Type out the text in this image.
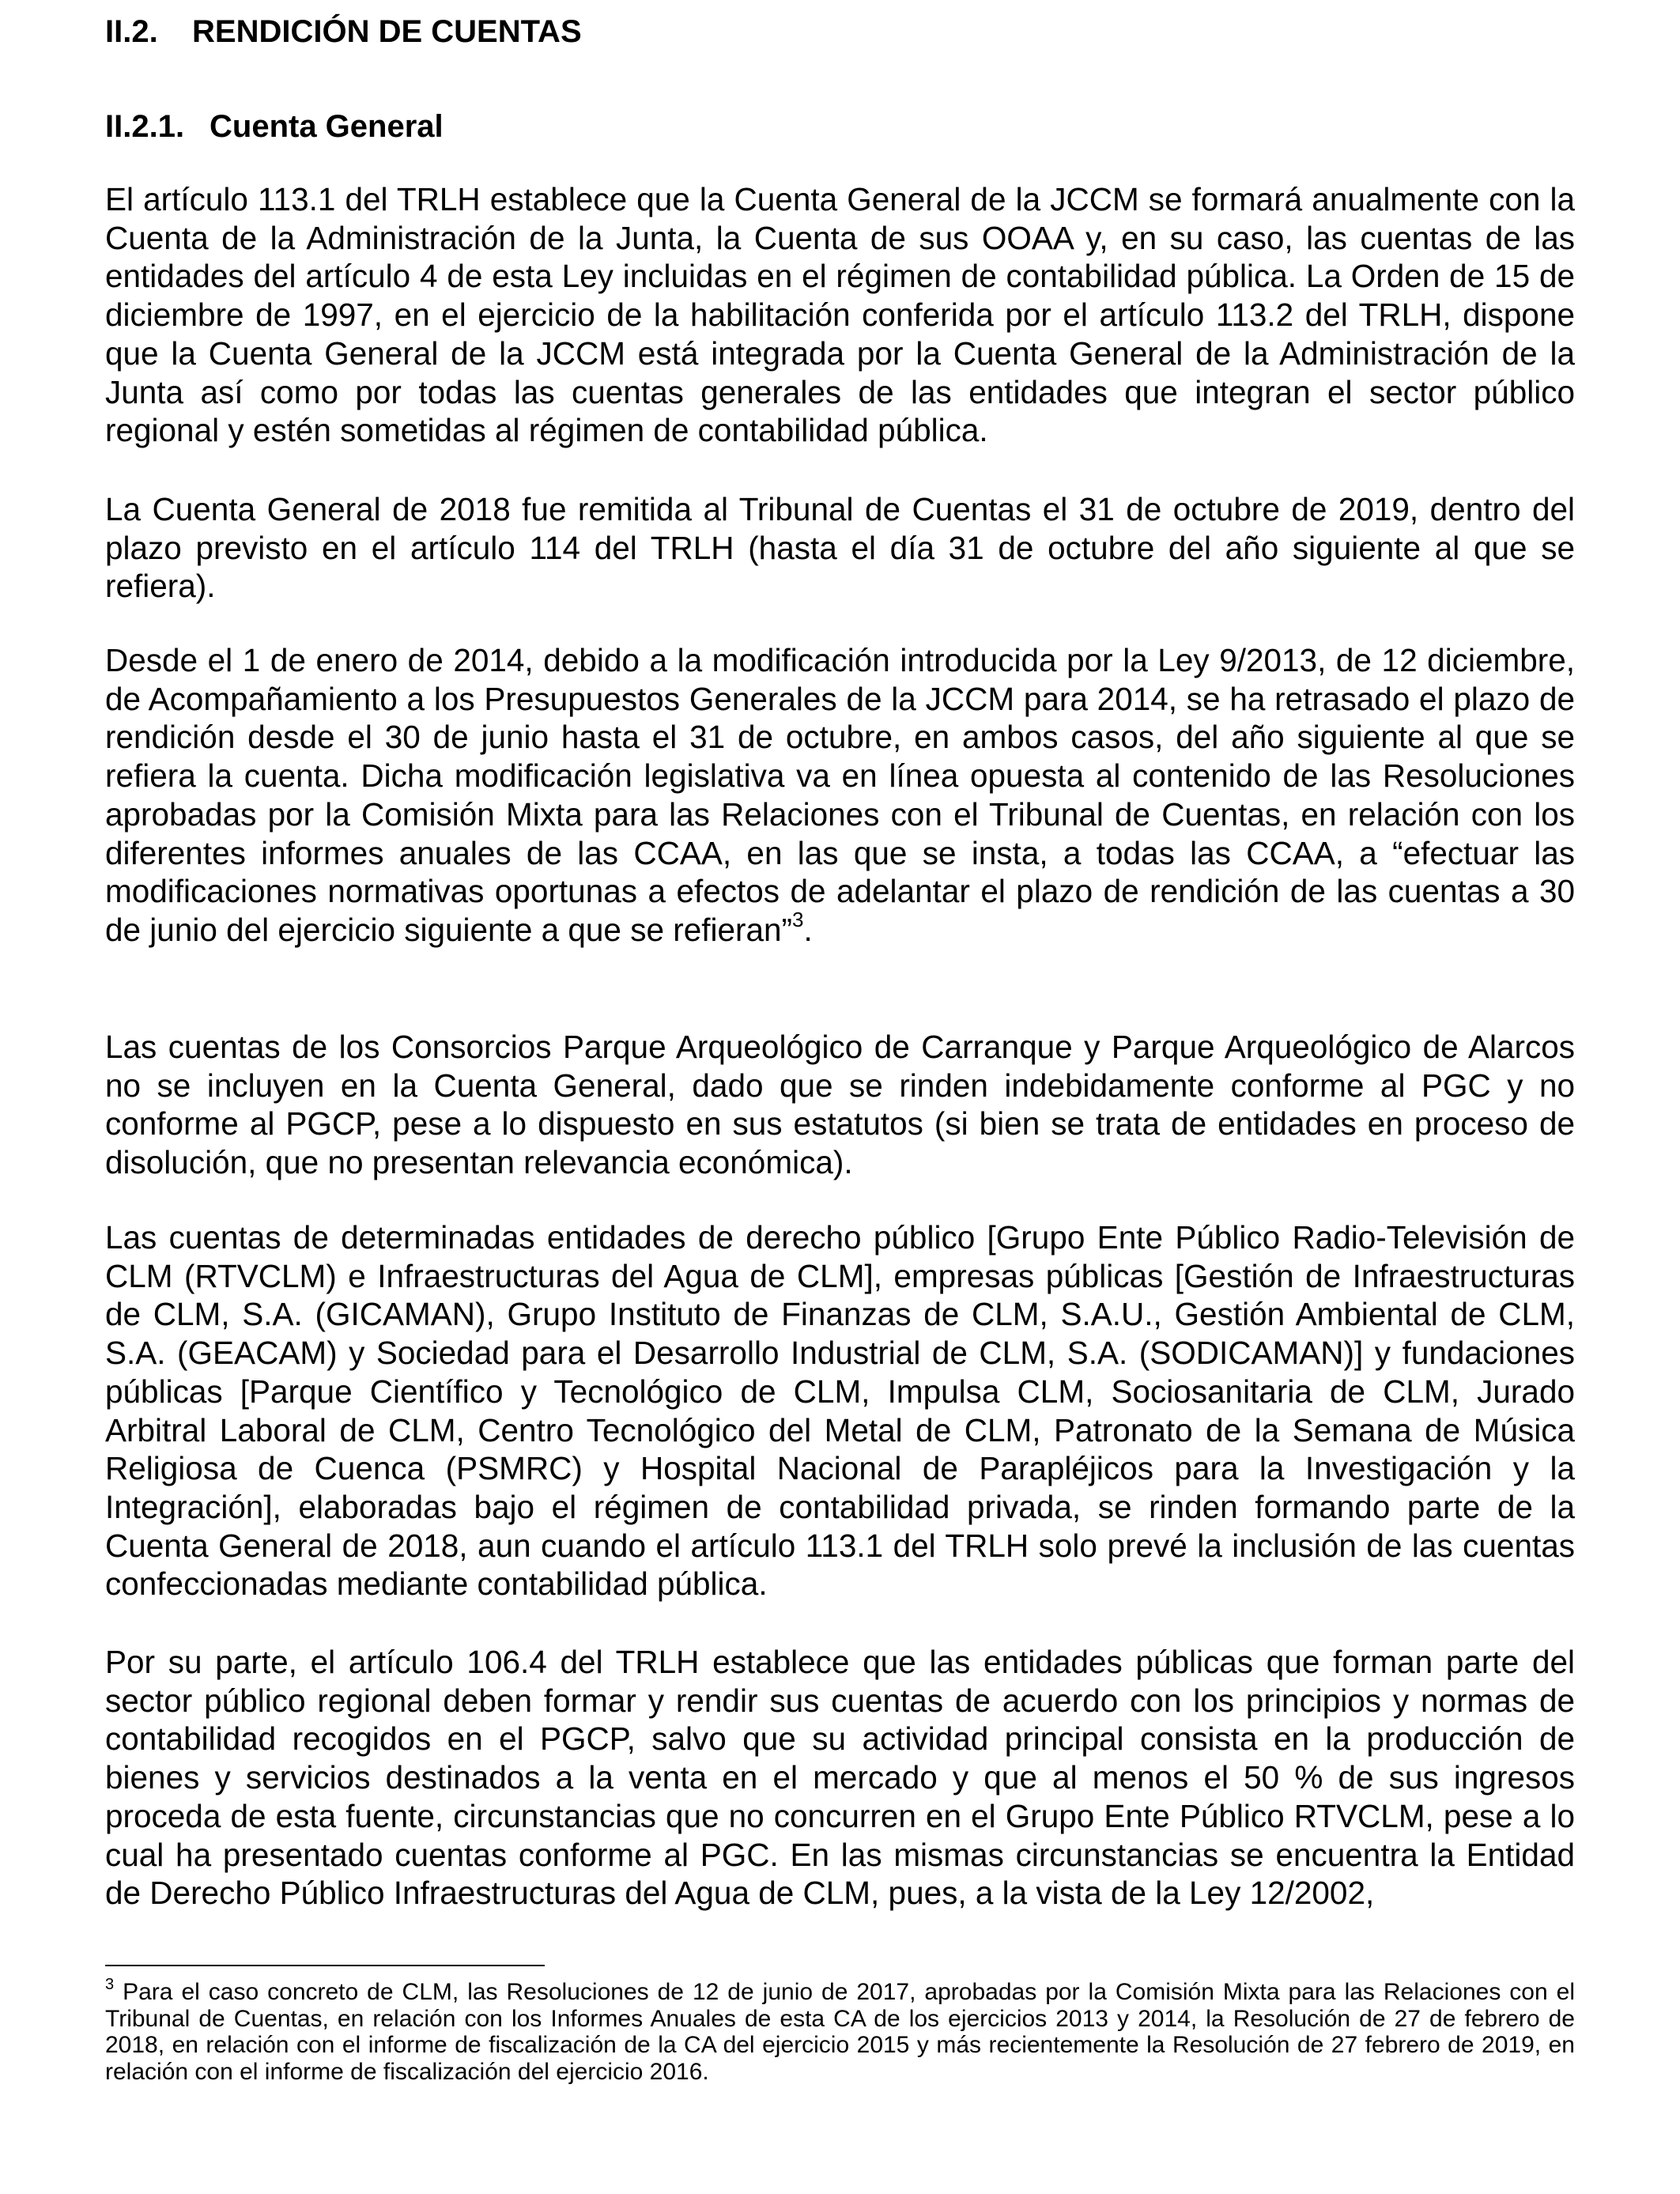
II.2. RENDICIÓN DE CUENTAS
II.2.1. Cuenta General

El artículo 113.1 del TRLH establece que la Cuenta General de la JCCM se formará anualmente con la Cuenta de la Administración de la Junta, la Cuenta de sus OOAA y, en su caso, las cuentas de las entidades del artículo 4 de esta Ley incluidas en el régimen de contabilidad pública. La Orden de 15 de diciembre de 1997, en el ejercicio de la habilitación conferida por el artículo 113.2 del TRLH, dispone que la Cuenta General de la JCCM está integrada por la Cuenta General de la Administración de la Junta así como por todas las cuentas generales de las entidades que integran el sector público regional y estén sometidas al régimen de contabilidad pública.

La Cuenta General de 2018 fue remitida al Tribunal de Cuentas el 31 de octubre de 2019, dentro del plazo previsto en el artículo 114 del TRLH (hasta el día 31 de octubre del año siguiente al que se refiera).

Desde el 1 de enero de 2014, debido a la modificación introducida por la Ley 9/2013, de 12 diciembre, de Acompañamiento a los Presupuestos Generales de la JCCM para 2014, se ha retrasado el plazo de rendición desde el 30 de junio hasta el 31 de octubre, en ambos casos, del año siguiente al que se refiera la cuenta. Dicha modificación legislativa va en línea opuesta al contenido de las Resoluciones aprobadas por la Comisión Mixta para las Relaciones con el Tribunal de Cuentas, en relación con los diferentes informes anuales de las CCAA, en las que se insta, a todas las CCAA, a “efectuar las modificaciones normativas oportunas a efectos de adelantar el plazo de rendición de las cuentas a 30 de junio del ejercicio siguiente a que se refieran”$^3$.

Las cuentas de los Consorcios Parque Arqueológico de Carranque y Parque Arqueológico de Alarcos no se incluyen en la Cuenta General, dado que se rinden indebidamente conforme al PGC y no conforme al PGCP, pese a lo dispuesto en sus estatutos (si bien se trata de entidades en proceso de disolución, que no presentan relevancia económica).

Las cuentas de determinadas entidades de derecho público [Grupo Ente Público Radio-Televisión de CLM (RTVCLM) e Infraestructuras del Agua de CLM], empresas públicas [Gestión de Infraestructuras de CLM, S.A. (GICAMAN), Grupo Instituto de Finanzas de CLM, S.A.U., Gestión Ambiental de CLM, S.A. (GEACAM) y Sociedad para el Desarrollo Industrial de CLM, S.A. (SODICAMAN)] y fundaciones públicas [Parque Científico y Tecnológico de CLM, Impulsa CLM, Sociosanitaria de CLM, Jurado Arbitral Laboral de CLM, Centro Tecnológico del Metal de CLM, Patronato de la Semana de Música Religiosa de Cuenca (PSMRC) y Hospital Nacional de Parapléjicos para la Investigación y la Integración], elaboradas bajo el régimen de contabilidad privada, se rinden formando parte de la Cuenta General de 2018, aun cuando el artículo 113.1 del TRLH solo prevé la inclusión de las cuentas confeccionadas mediante contabilidad pública.

Por su parte, el artículo 106.4 del TRLH establece que las entidades públicas que forman parte del sector público regional deben formar y rendir sus cuentas de acuerdo con los principios y normas de contabilidad recogidos en el PGCP, salvo que su actividad principal consista en la producción de bienes y servicios destinados a la venta en el mercado y que al menos el 50 % de sus ingresos proceda de esta fuente, circunstancias que no concurren en el Grupo Ente Público RTVCLM, pese a lo cual ha presentado cuentas conforme al PGC. En las mismas circunstancias se encuentra la Entidad de Derecho Público Infraestructuras del Agua de CLM, pues, a la vista de la Ley 12/2002,

$^3$ Para el caso concreto de CLM, las Resoluciones de 12 de junio de 2017, aprobadas por la Comisión Mixta para las Relaciones con el Tribunal de Cuentas, en relación con los Informes Anuales de esta CA de los ejercicios 2013 y 2014, la Resolución de 27 de febrero de 2018, en relación con el informe de fiscalización de la CA del ejercicio 2015 y más recientemente la Resolución de 27 febrero de 2019, en relación con el informe de fiscalización del ejercicio 2016.
